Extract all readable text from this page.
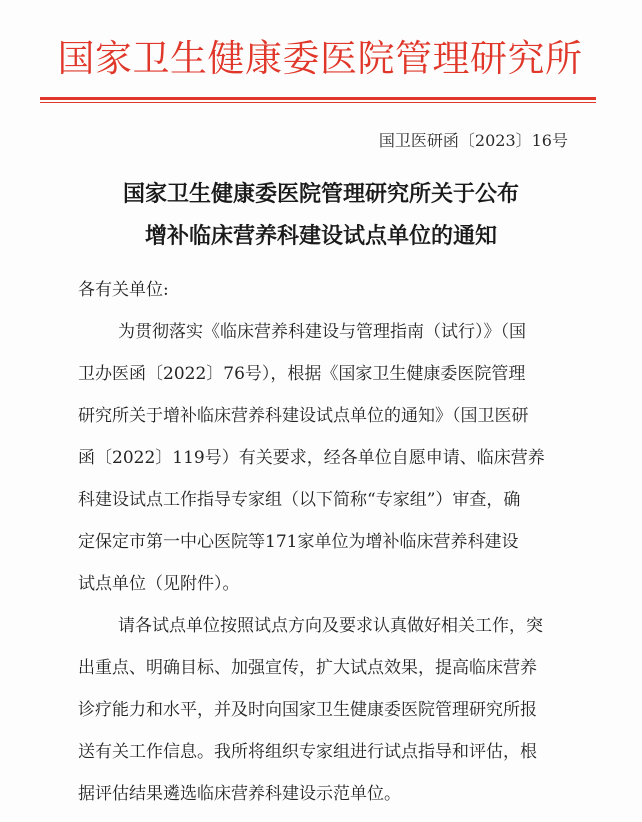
国家卫生健康委医院管理研究所
国卫医研函〔2023〕16号
国家卫生健康委医院管理研究所关于公布
增补临床营养科建设试点单位的通知
各有关单位:
为贯彻落实《临床营养科建设与管理指南（试行）》（国
卫办医函〔2022〕76号），根据《国家卫生健康委医院管理
研究所关于增补临床营养科建设试点单位的通知》（国卫医研
函〔2022〕119号）有关要求，经各单位自愿申请、临床营养
科建设试点工作指导专家组（以下简称“专家组”）审查，确
定保定市第一中心医院等171家单位为增补临床营养科建设
试点单位（见附件）。
请各试点单位按照试点方向及要求认真做好相关工作，突
出重点、明确目标、加强宣传，扩大试点效果，提高临床营养
诊疗能力和水平，并及时向国家卫生健康委医院管理研究所报
送有关工作信息。我所将组织专家组进行试点指导和评估，根
据评估结果遴选临床营养科建设示范单位。
